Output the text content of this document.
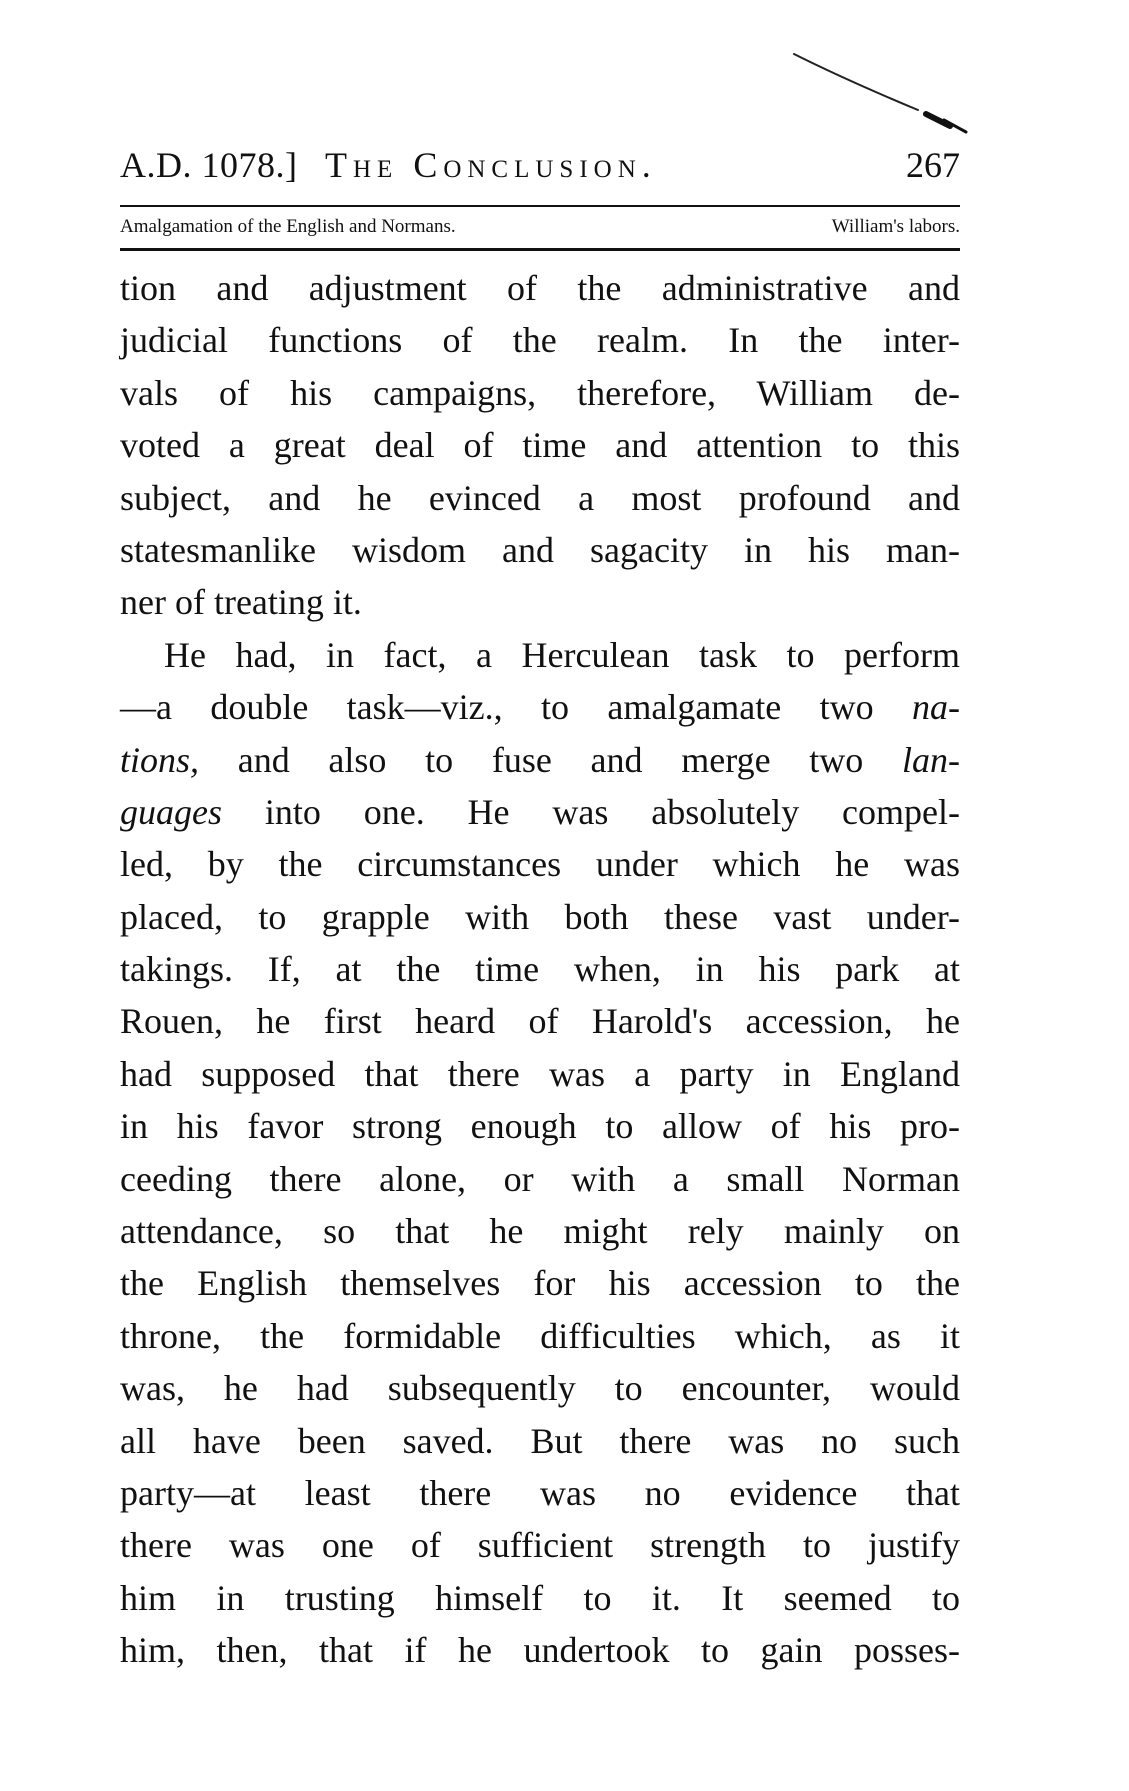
A.D. 1078.] The Conclusion.	267
Amalgamation of the English and Normans.	William's labors.
tion and adjustment of the administrative and
judicial functions of the realm. In the inter-
vals of his campaigns, therefore, William de-
voted a great deal of time and attention to this
subject, and he evinced a most profound and
statesmanlike wisdom and sagacity in his man-
ner of treating it.
He had, in fact, a Herculean task to perform
—a double task—viz., to amalgamate two na-
tions, and also to fuse and merge two lan-
guages into one. He was absolutely compel-
led, by the circumstances under which he was
placed, to grapple with both these vast under-
takings. If, at the time when, in his park at
Rouen, he first heard of Harold's accession, he
had supposed that there was a party in England
in his favor strong enough to allow of his pro-
ceeding there alone, or with a small Norman
attendance, so that he might rely mainly on
the English themselves for his accession to the
throne, the formidable difficulties which, as it
was, he had subsequently to encounter, would
all have been saved. But there was no such
party—at least there was no evidence that
there was one of sufficient strength to justify
him in trusting himself to it. It seemed to
him, then, that if he undertook to gain posses-
